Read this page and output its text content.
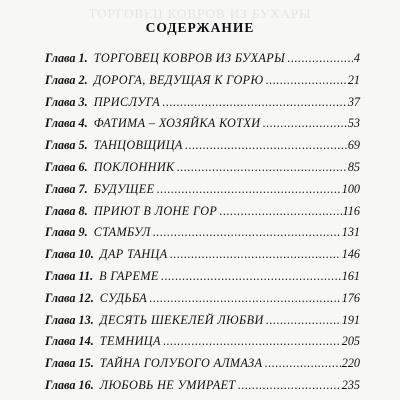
ТОРГОВЕЦ КОВРОВ ИЗ БУХАРЫ
СОДЕРЖАНИЕ
Глава 1. ТОРГОВЕЦ КОВРОВ ИЗ БУХАРЫ .....	4
Глава 2. ДОРОГА, ВЕДУЩАЯ К ГОРЮ .....	21
Глава 3. ПРИСЛУГА .....	37
Глава 4. ФАТИМА – ХОЗЯЙКА КОТХИ .....	53
Глава 5. ТАНЦОВЩИЦА .....	69
Глава 6. ПОКЛОННИК .....	85
Глава 7. БУДУЩЕЕ .....	100
Глава 8. ПРИЮТ В ЛОНЕ ГОР .....	116
Глава 9. СТАМБУЛ .....	131
Глава 10. ДАР ТАНЦА .....	146
Глава 11. В ГАРЕМЕ .....	161
Глава 12. СУДЬБА .....	176
Глава 13. ДЕСЯТЬ ШЕКЕЛЕЙ ЛЮБВИ .....	191
Глава 14. ТЕМНИЦА .....	205
Глава 15. ТАЙНА ГОЛУБОГО АЛМАЗА .....	220
Глава 16. ЛЮБОВЬ НЕ УМИРАЕТ .....	235
